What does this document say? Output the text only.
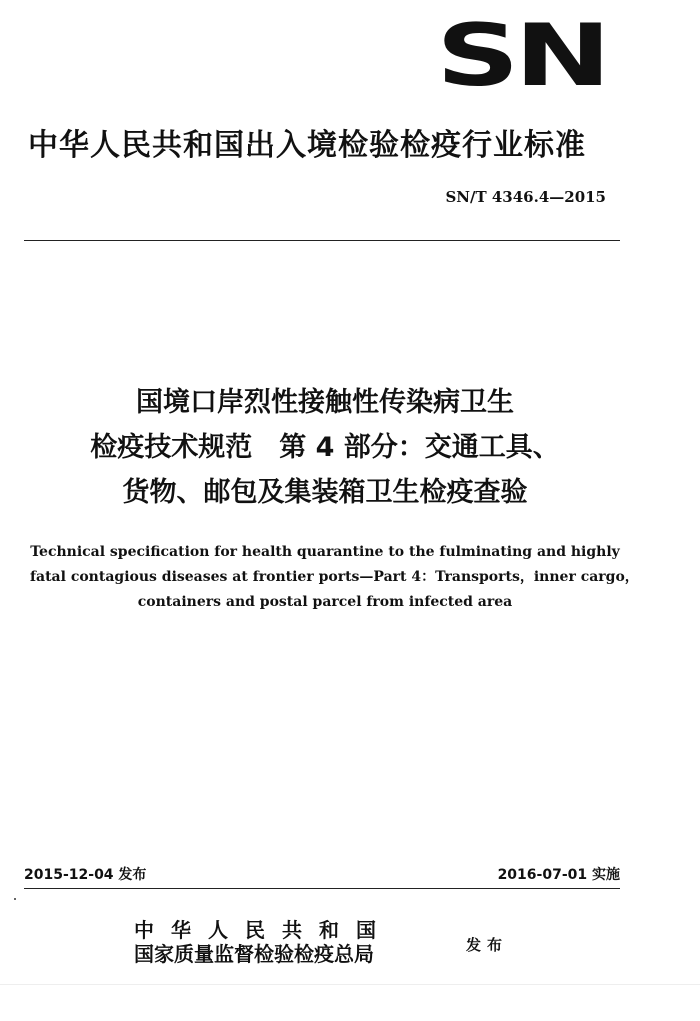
SN
中华人民共和国出入境检验检疫行业标准
SN/T 4346.4—2015
国境口岸烈性接触性传染病卫生
检疫技术规范　第 4 部分：交通工具、
货物、邮包及集装箱卫生检疫查验
Technical specification for health quarantine to the fulminating and highly
fatal contagious diseases at frontier ports—Part 4：Transports，inner cargo，
containers and postal parcel from infected area
2015-12-04 发布	2016-07-01 实施
中华人民共和国
国家质量监督检验检疫总局	发布
